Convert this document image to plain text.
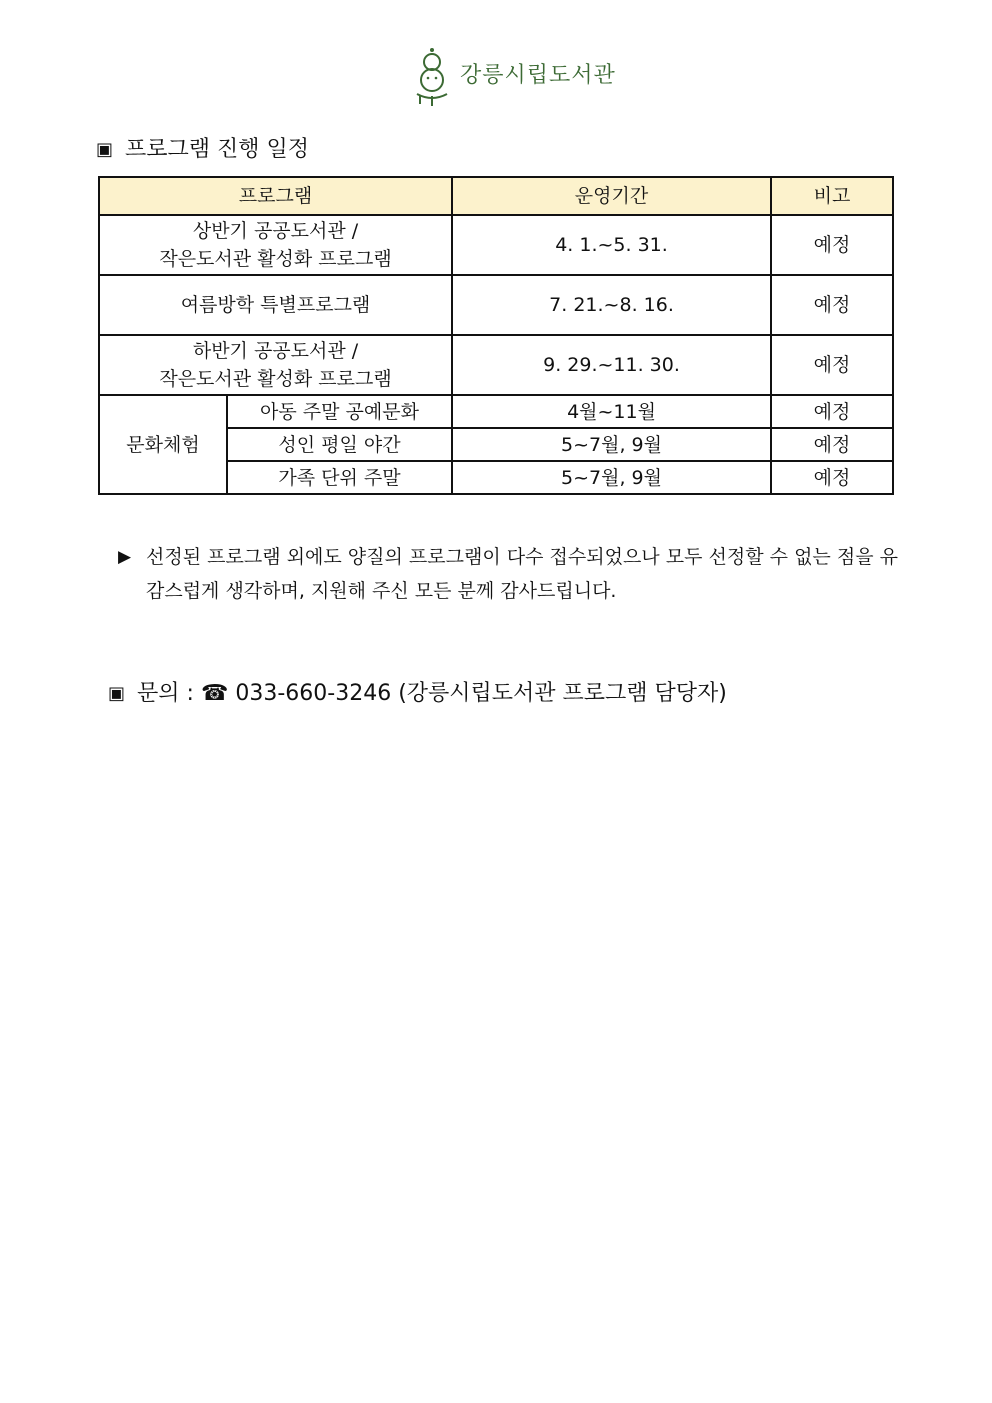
강릉시립도서관
▣ 프로그램 진행 일정
프로그램		운영기간	비고

상반기 공공도서관 /
작은도서관 활성화 프로그램		4. 1.~5. 31.	예정
여름방학 특별프로그램		7. 21.~8. 16.	예정

하반기 공공도서관 /
작은도서관 활성화 프로그램		9. 29.~11. 30.	예정
문화체험	아동 주말 공예문화	4월~11월	예정
	성인 평일 야간	5~7월, 9월	예정
	가족 단위 주말	5~7월, 9월	예정
▶ 선정된 프로그램 외에도 양질의 프로그램이 다수 접수되었으나 모두 선정할 수 없는 점을 유감스럽게 생각하며, 지원해 주신 모든 분께 감사드립니다.
▣ 문의 : ☎ 033-660-3246 (강릉시립도서관 프로그램 담당자)
